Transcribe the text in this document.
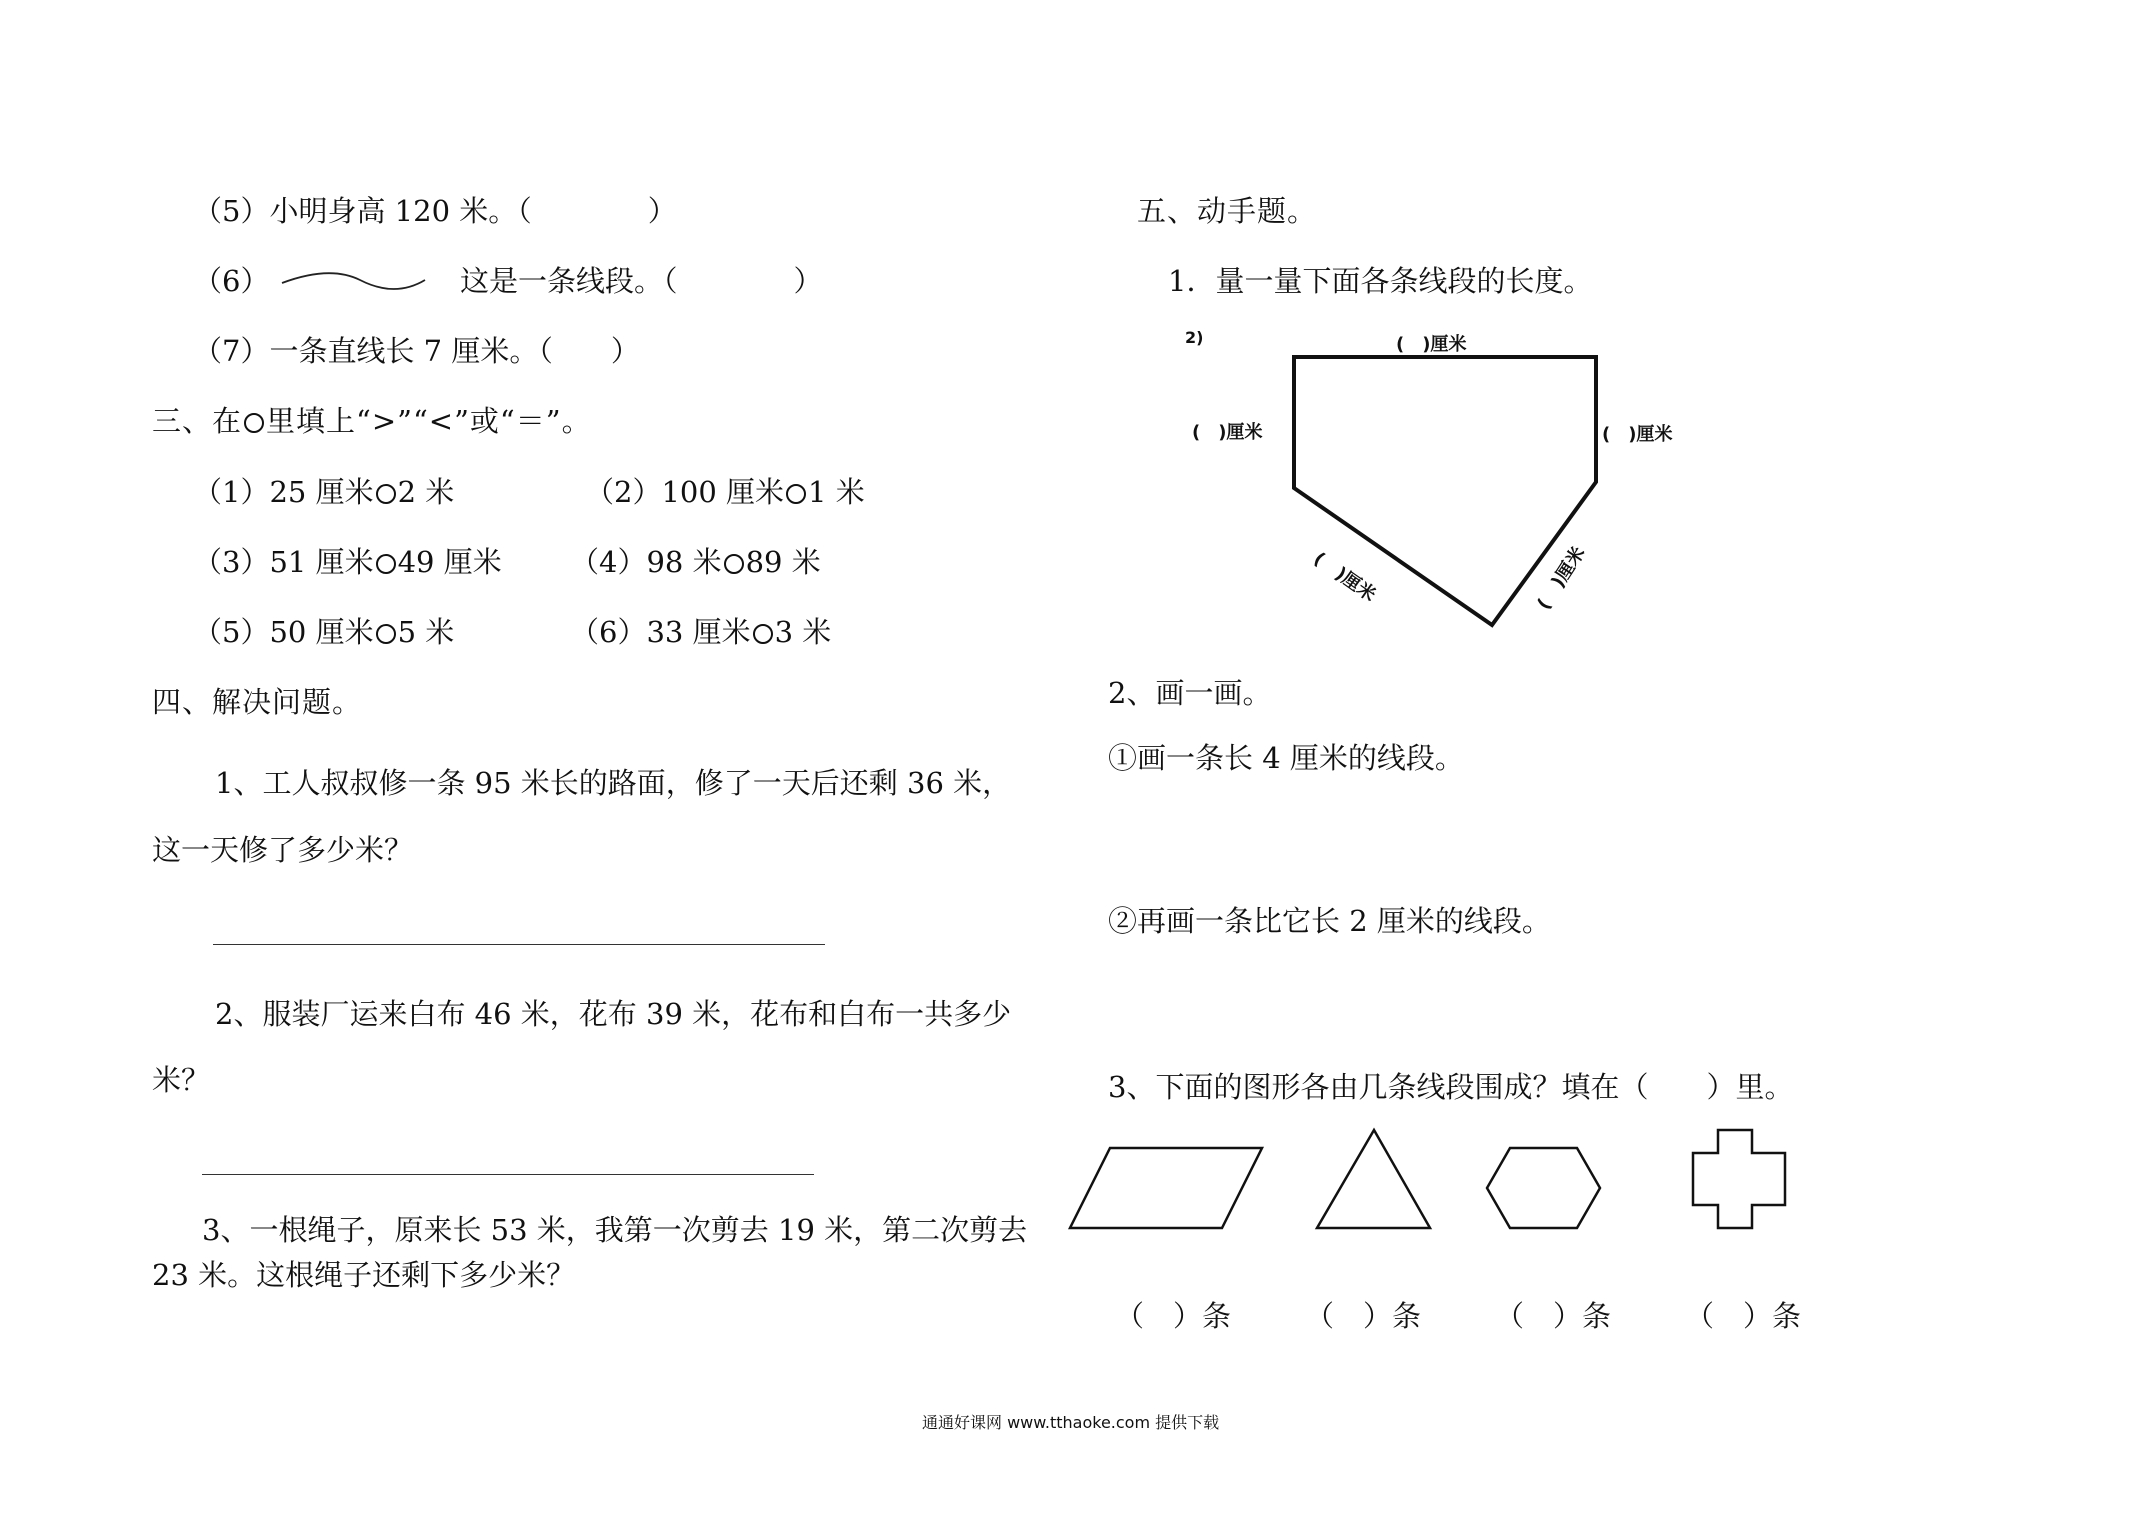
（5）小明身高 120 米。（　　　　）
（6）	这是一条线段。（　　　　）
（7）一条直线长 7 厘米。（　　）
三、在 里填上“>”“<”或“＝”。
（1）25 厘米 2 米	（2）100 厘米 1 米
（3）51 厘米 49 厘米 （4）98 米 89 米
（5）50 厘米 5 米	（6）33 厘米 3 米
四、解决问题。
1、工人叔叔修一条 95 米长的路面，修了一天后还剩 36 米，
这一天修了多少米？
2、服装厂运来白布 46 米，花布 39 米，花布和白布一共多少
米？
3、一根绳子，原来长 53 米，我第一次剪去 19 米，第二次剪去
23 米。这根绳子还剩下多少米？
五、动手题。
1．量一量下面各条线段的长度。
2)	(　)厘米
(　)厘米	(　)厘米
(　)厘米	(　)厘米
2、画一画。
①画一条长 4 厘米的线段。
②再画一条比它长 2 厘米的线段。
3、下面的图形各由几条线段围成？填在（　　）里。
（　）条	（　）条	（　）条	（　）条
通通好课网 www.tthaoke.com 提供下载
